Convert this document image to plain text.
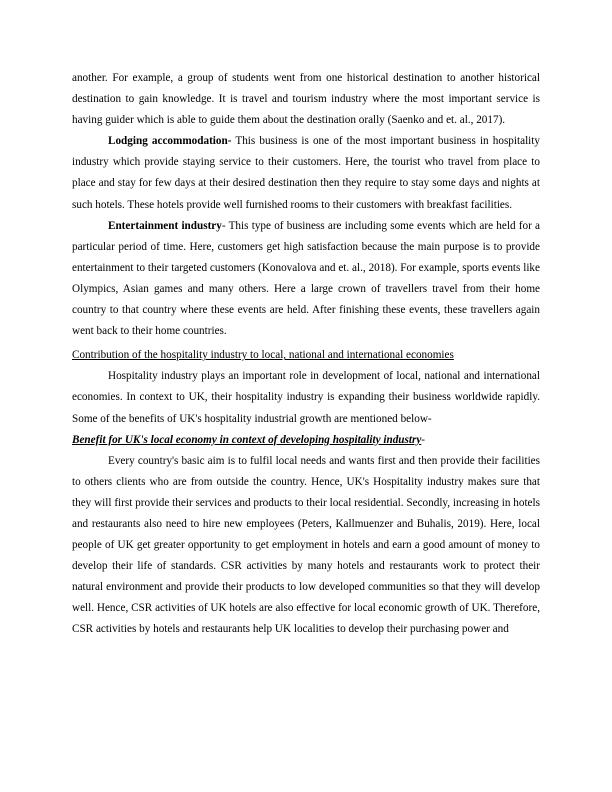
another. For example, a group of students went from one historical destination to another historical destination to gain knowledge. It is travel and tourism industry where the most important service is having guider which is able to guide them about the destination orally (Saenko and et. al., 2017).

Lodging accommodation- This business is one of the most important business in hospitality industry which provide staying service to their customers. Here, the tourist who travel from place to place and stay for few days at their desired destination then they require to stay some days and nights at such hotels. These hotels provide well furnished rooms to their customers with breakfast facilities.

Entertainment industry- This type of business are including some events which are held for a particular period of time. Here, customers get high satisfaction because the main purpose is to provide entertainment to their targeted customers (Konovalova and et. al., 2018). For example, sports events like Olympics, Asian games and many others. Here a large crown of travellers travel from their home country to that country where these events are held. After finishing these events, these travellers again went back to their home countries.

Contribution of the hospitality industry to local, national and international economies

Hospitality industry plays an important role in development of local, national and international economies. In context to UK, their hospitality industry is expanding their business worldwide rapidly. Some of the benefits of UK's hospitality industrial growth are mentioned below-

Benefit for UK's local economy in context of developing hospitality industry-

Every country's basic aim is to fulfil local needs and wants first and then provide their facilities to others clients who are from outside the country. Hence, UK's Hospitality industry makes sure that they will first provide their services and products to their local residential. Secondly, increasing in hotels and restaurants also need to hire new employees (Peters, Kallmuenzer and Buhalis, 2019). Here, local people of UK get greater opportunity to get employment in hotels and earn a good amount of money to develop their life of standards. CSR activities by many hotels and restaurants work to protect their natural environment and provide their products to low developed communities so that they will develop well. Hence, CSR activities of UK hotels are also effective for local economic growth of UK. Therefore, CSR activities by hotels and restaurants help UK localities to develop their purchasing power and
